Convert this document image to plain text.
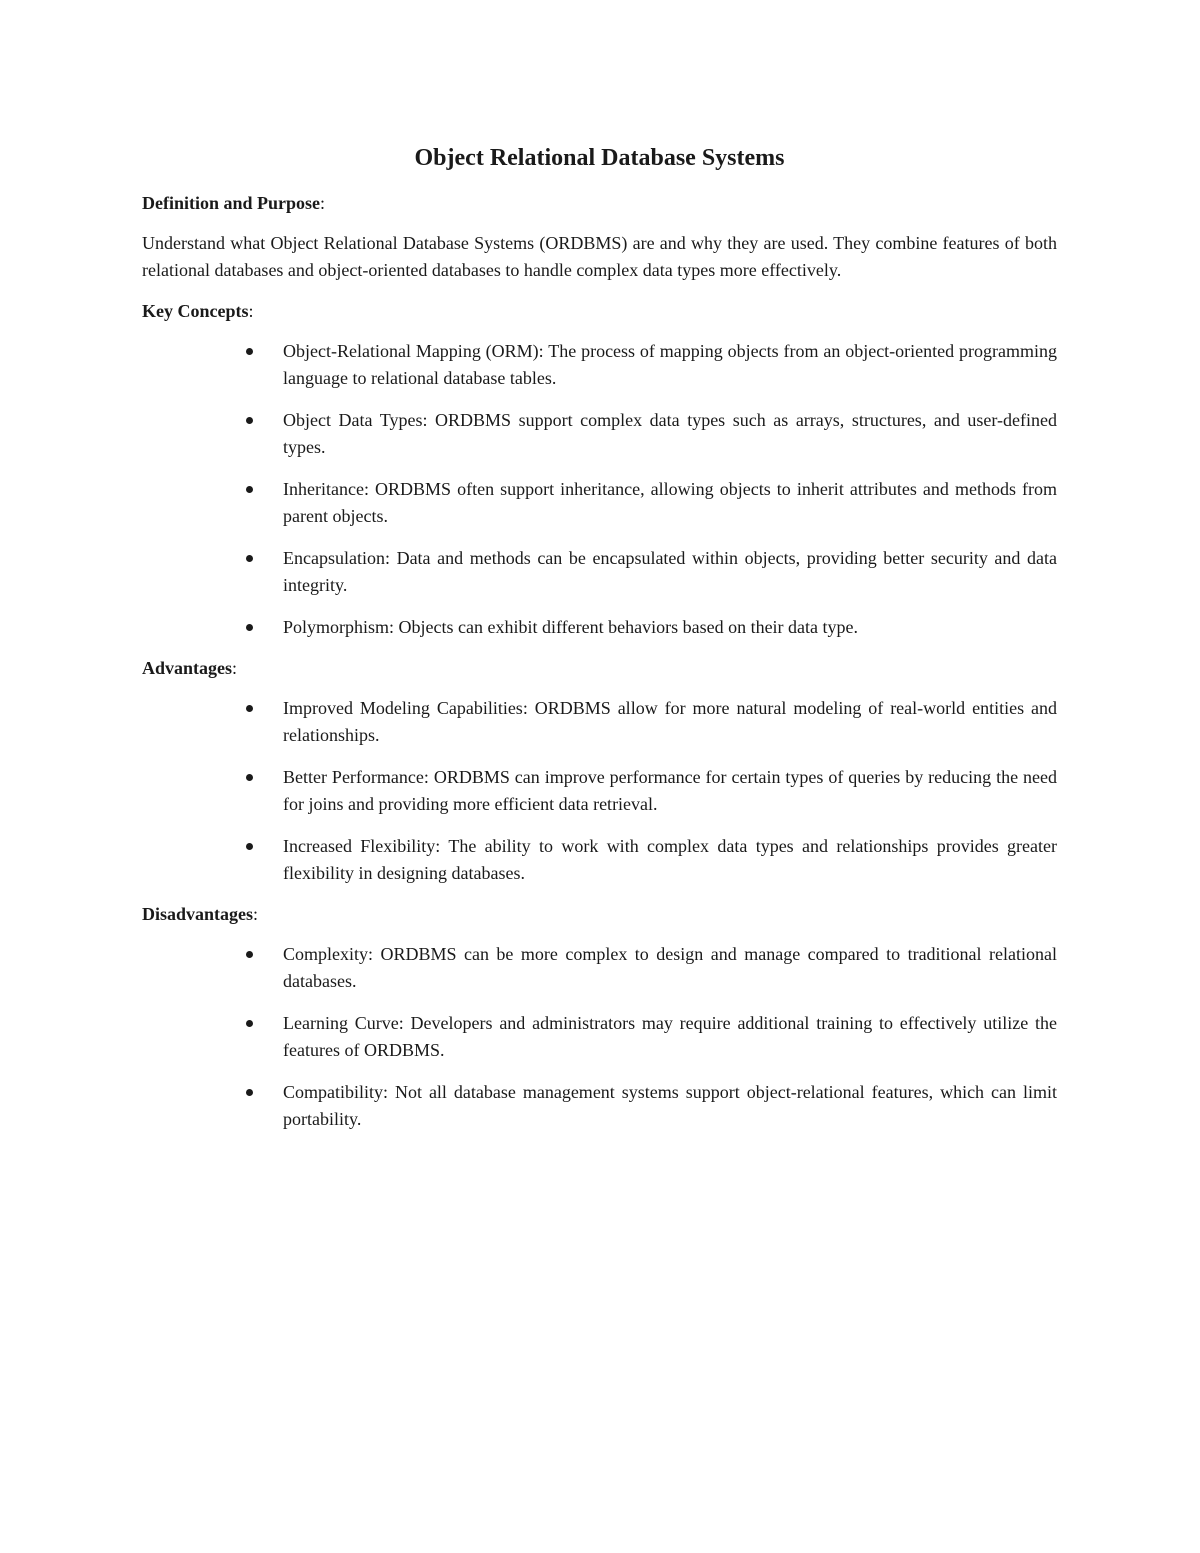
Object Relational Database Systems
Definition and Purpose:

Understand what Object Relational Database Systems (ORDBMS) are and why they are used. They combine features of both relational databases and object-oriented databases to handle complex data types more effectively.

Key Concepts:
Object-Relational Mapping (ORM): The process of mapping objects from an object-oriented programming language to relational database tables.
Object Data Types: ORDBMS support complex data types such as arrays, structures, and user-defined types.
Inheritance: ORDBMS often support inheritance, allowing objects to inherit attributes and methods from parent objects.
Encapsulation: Data and methods can be encapsulated within objects, providing better security and data integrity.
Polymorphism: Objects can exhibit different behaviors based on their data type.
Advantages:
Improved Modeling Capabilities: ORDBMS allow for more natural modeling of real-world entities and relationships.
Better Performance: ORDBMS can improve performance for certain types of queries by reducing the need for joins and providing more efficient data retrieval.
Increased Flexibility: The ability to work with complex data types and relationships provides greater flexibility in designing databases.
Disadvantages:
Complexity: ORDBMS can be more complex to design and manage compared to traditional relational databases.
Learning Curve: Developers and administrators may require additional training to effectively utilize the features of ORDBMS.
Compatibility: Not all database management systems support object-relational features, which can limit portability.
